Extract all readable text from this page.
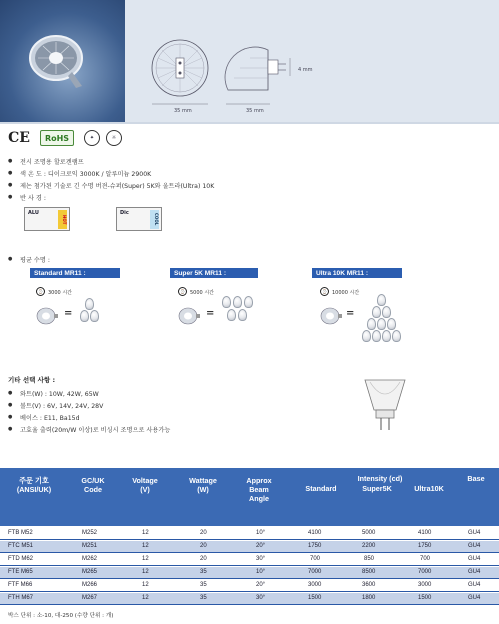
35 mm	35 mm
4 mm
CE	RoHS	✦	☼
● 전시 조명용 할로겐램프
● 색 온 도 : 디이크로익 3000K / 알루미늄 2900K
● 제논 첨가된 기술로 긴 수명 버젼-슈퍼(Super) 5K와 울트라(Ultra) 10K
● 반 사 경 :
ALU
HOT
Dic
COOL
● 평균 수명 :
Standard MR11 :	Super 5K MR11 :	Ultra 10K MR11 :
⌚	3000 시간	⌚	5000 시간	⌚	10000 시간
=	=	=
기타 선택 사항 :
● 와트(W) : 10W, 42W, 65W
● 볼트(V) : 6V, 14V, 24V, 28V
● 베이스 : E11, Ba15d
● 고효율 출력(20m/W 이상)로 비싱시 조명으로 사용가능
주문 기호
(ANSI/UK)
GC/UK
Code
Voltage
(V)
Wattage
(W)
Approx
Beam
Angle
Intensity (cd)
Standard	Super5K	Ultra10K
Base
FTB M52	M252	12	20	10°	4100	5000	4100	GU4
FTC M51	M251	12	20	20°	1750	2200	1750	GU4
FTD M62	M262	12	20	30°	700	850	700	GU4
FTE M65	M265	12	35	10°	7000	8500	7000	GU4
FTF M66	M266	12	35	20°	3000	3600	3000	GU4
FTH M67	M267	12	35	30°	1500	1800	1500	GU4
박스 단위 : 소-10, 대-250 (수량 단위 : 개)
